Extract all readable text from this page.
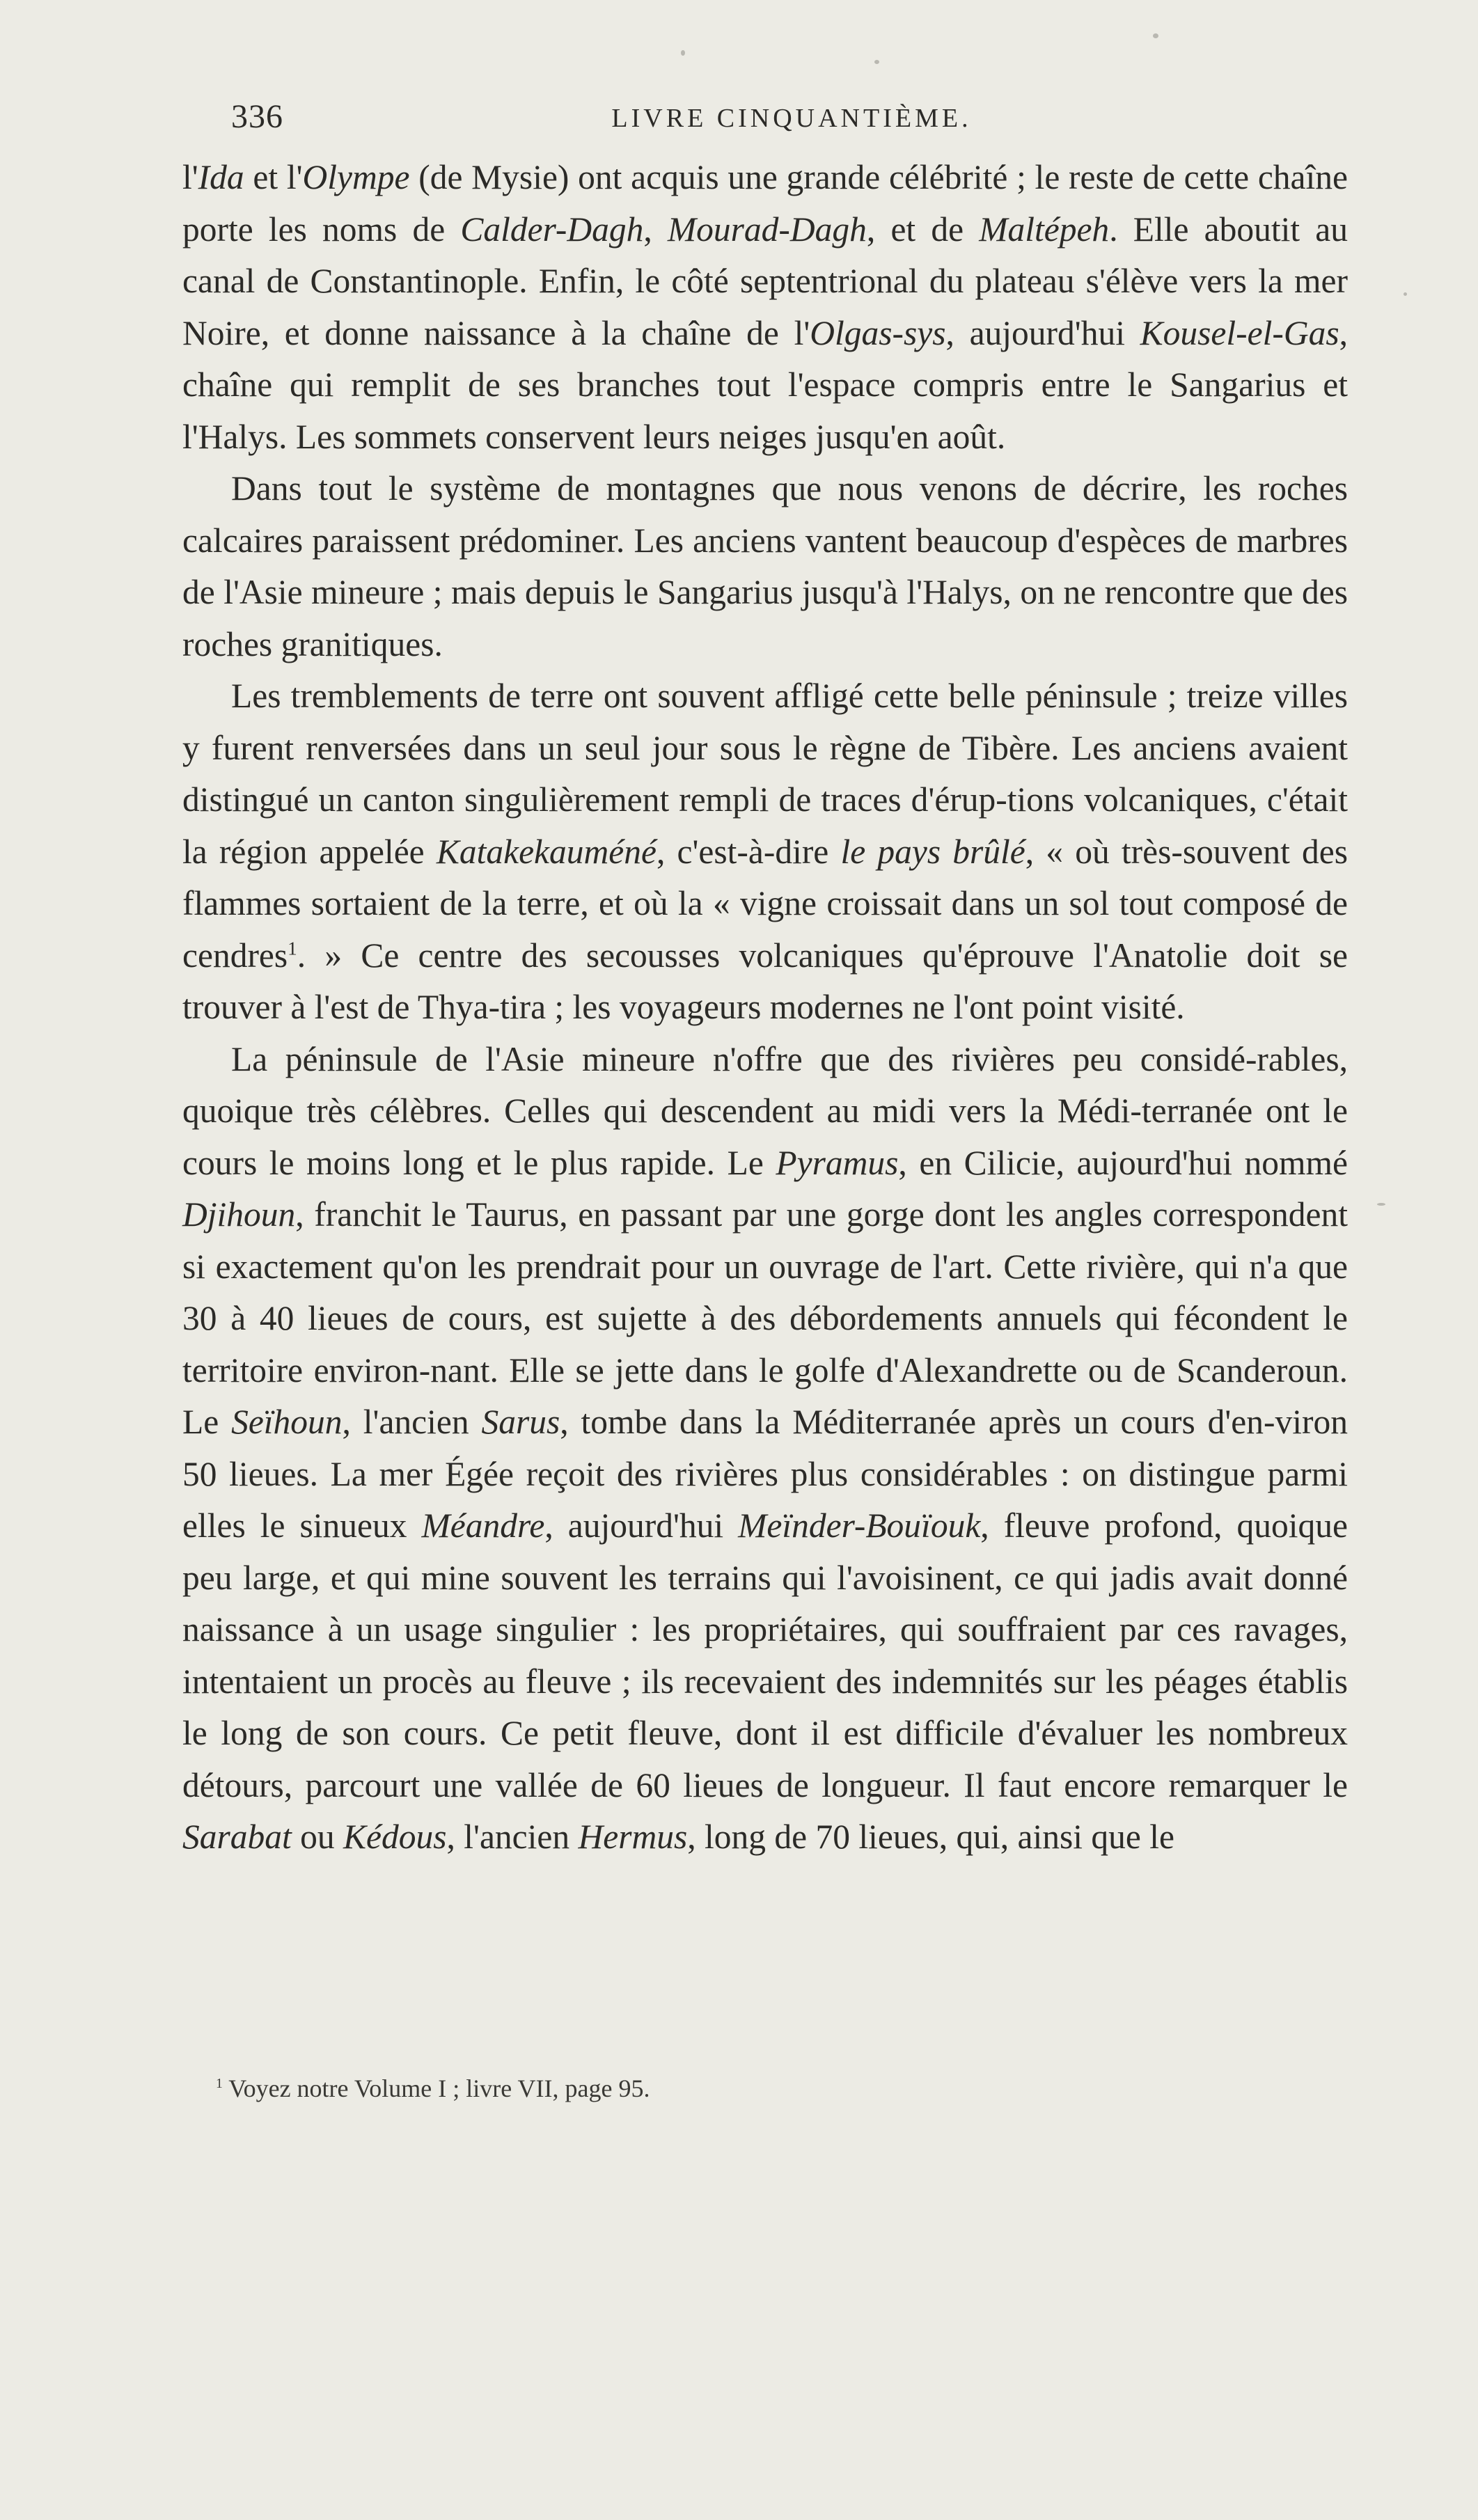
336	LIVRE CINQUANTIÈME.

l'Ida et l'Olympe (de Mysie) ont acquis une grande célébrité ; le reste de cette chaîne porte les noms de Calder-Dagh, Mourad-Dagh, et de Maltépeh. Elle aboutit au canal de Constantinople. Enfin, le côté septentrional du plateau s'élève vers la mer Noire, et donne naissance à la chaîne de l'Olgas-sys, aujourd'hui Kousel-el-Gas, chaîne qui remplit de ses branches tout l'espace compris entre le Sangarius et l'Halys. Les sommets conservent leurs neiges jusqu'en août.

Dans tout le système de montagnes que nous venons de décrire, les roches calcaires paraissent prédominer. Les anciens vantent beaucoup d'espèces de marbres de l'Asie mineure ; mais depuis le Sangarius jusqu'à l'Halys, on ne rencontre que des roches granitiques.

Les tremblements de terre ont souvent affligé cette belle péninsule ; treize villes y furent renversées dans un seul jour sous le règne de Tibère. Les anciens avaient distingué un canton singulièrement rempli de traces d'érup-tions volcaniques, c'était la région appelée Katakekauméné, c'est-à-dire le pays brûlé, « où très-souvent des flammes sortaient de la terre, et où la « vigne croissait dans un sol tout composé de cendres$^1$. » Ce centre des secousses volcaniques qu'éprouve l'Anatolie doit se trouver à l'est de Thya-tira ; les voyageurs modernes ne l'ont point visité.

La péninsule de l'Asie mineure n'offre que des rivières peu considé-rables, quoique très célèbres. Celles qui descendent au midi vers la Médi-terranée ont le cours le moins long et le plus rapide. Le Pyramus, en Cilicie, aujourd'hui nommé Djihoun, franchit le Taurus, en passant par une gorge dont les angles correspondent si exactement qu'on les prendrait pour un ouvrage de l'art. Cette rivière, qui n'a que 30 à 40 lieues de cours, est sujette à des débordements annuels qui fécondent le territoire environ-nant. Elle se jette dans le golfe d'Alexandrette ou de Scanderoun. Le Seïhoun, l'ancien Sarus, tombe dans la Méditerranée après un cours d'en-viron 50 lieues. La mer Égée reçoit des rivières plus considérables : on distingue parmi elles le sinueux Méandre, aujourd'hui Meïnder-Bouïouk, fleuve profond, quoique peu large, et qui mine souvent les terrains qui l'avoisinent, ce qui jadis avait donné naissance à un usage singulier : les propriétaires, qui souffraient par ces ravages, intentaient un procès au fleuve ; ils recevaient des indemnités sur les péages établis le long de son cours. Ce petit fleuve, dont il est difficile d'évaluer les nombreux détours, parcourt une vallée de 60 lieues de longueur. Il faut encore remarquer le Sarabat ou Kédous, l'ancien Hermus, long de 70 lieues, qui, ainsi que le

$^1$ Voyez notre Volume I ; livre VII, page 95.
